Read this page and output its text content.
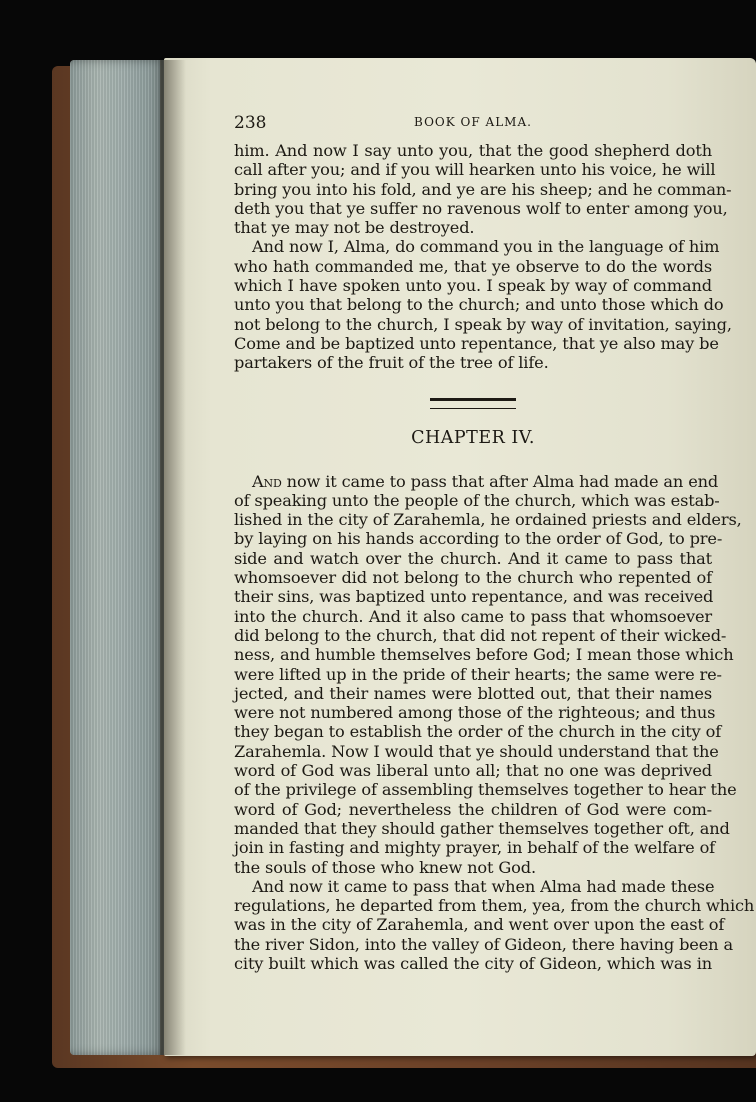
238	BOOK OF ALMA.
him. And now I say unto you, that the good shepherd doth
call after you; and if you will hearken unto his voice, he will
bring you into his fold, and ye are his sheep; and he comman-
deth you that ye suffer no ravenous wolf to enter among you,
that ye may not be destroyed.
And now I, Alma, do command you in the language of him
who hath commanded me, that ye observe to do the words
which I have spoken unto you. I speak by way of command
unto you that belong to the church; and unto those which do
not belong to the church, I speak by way of invitation, saying,
Come and be baptized unto repentance, that ye also may be
partakers of the fruit of the tree of life.
CHAPTER IV.
And now it came to pass that after Alma had made an end
of speaking unto the people of the church, which was estab-
lished in the city of Zarahemla, he ordained priests and elders,
by laying on his hands according to the order of God, to pre-
side and watch over the church. And it came to pass that
whomsoever did not belong to the church who repented of
their sins, was baptized unto repentance, and was received
into the church. And it also came to pass that whomsoever
did belong to the church, that did not repent of their wicked-
ness, and humble themselves before God; I mean those which
were lifted up in the pride of their hearts; the same were re-
jected, and their names were blotted out, that their names
were not numbered among those of the righteous; and thus
they began to establish the order of the church in the city of
Zarahemla. Now I would that ye should understand that the
word of God was liberal unto all; that no one was deprived
of the privilege of assembling themselves together to hear the
word of God; nevertheless the children of God were com-
manded that they should gather themselves together oft, and
join in fasting and mighty prayer, in behalf of the welfare of
the souls of those who knew not God.
And now it came to pass that when Alma had made these
regulations, he departed from them, yea, from the church which
was in the city of Zarahemla, and went over upon the east of
the river Sidon, into the valley of Gideon, there having been a
city built which was called the city of Gideon, which was in
